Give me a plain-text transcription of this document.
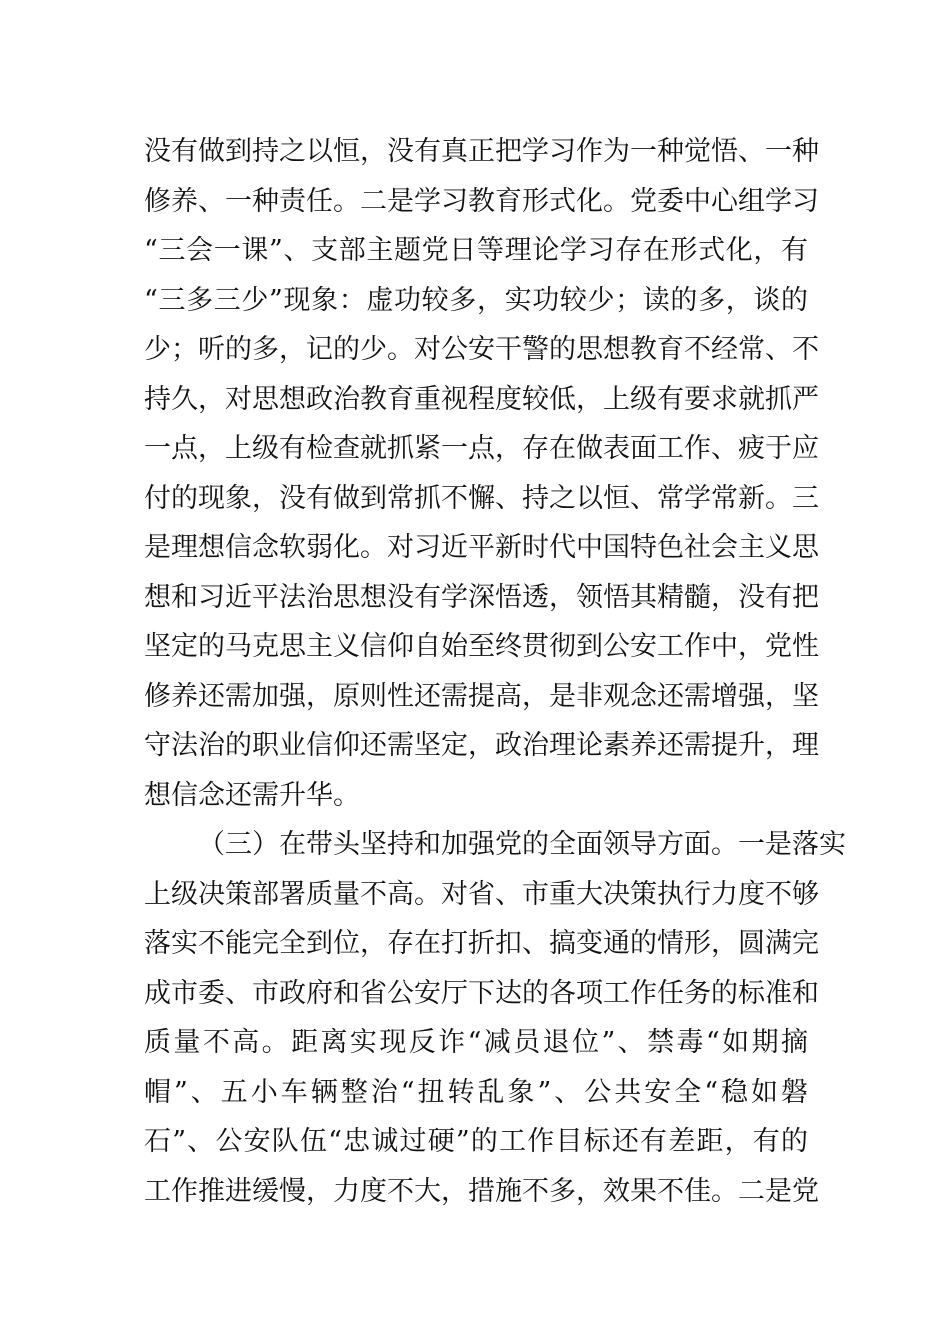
没有做到持之以恒，没有真正把学习作为一种觉悟、一种
修养、一种责任。二是学习教育形式化。党委中心组学习
“三会一课”、支部主题党日等理论学习存在形式化，有
“三多三少”现象：虚功较多，实功较少；读的多，谈的
少；听的多，记的少。对公安干警的思想教育不经常、不
持久，对思想政治教育重视程度较低，上级有要求就抓严
一点，上级有检查就抓紧一点，存在做表面工作、疲于应
付的现象，没有做到常抓不懈、持之以恒、常学常新。三
是理想信念软弱化。对习近平新时代中国特色社会主义思
想和习近平法治思想没有学深悟透，领悟其精髓，没有把
坚定的马克思主义信仰自始至终贯彻到公安工作中，党性
修养还需加强，原则性还需提高，是非观念还需增强，坚
守法治的职业信仰还需坚定，政治理论素养还需提升，理
想信念还需升华。
（三）在带头坚持和加强党的全面领导方面。一是落实
上级决策部署质量不高。对省、市重大决策执行力度不够
落实不能完全到位，存在打折扣、搞变通的情形，圆满完
成市委、市政府和省公安厅下达的各项工作任务的标准和
质量不高。距离实现反诈“减员退位”、禁毒“如期摘
帽”、五小车辆整治“扭转乱象”、公共安全“稳如磐
石”、公安队伍“忠诚过硬”的工作目标还有差距，有的
工作推进缓慢，力度不大，措施不多，效果不佳。二是党
